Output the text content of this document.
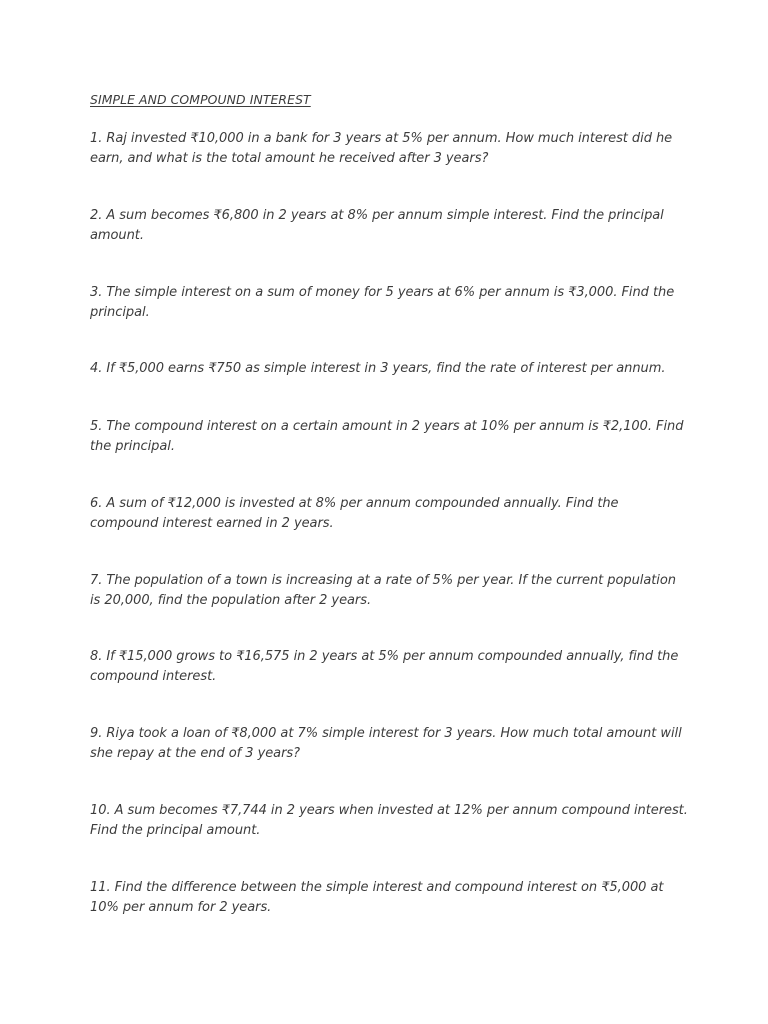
SIMPLE AND COMPOUND INTEREST

1. Raj invested ₹10,000 in a bank for 3 years at 5% per annum. How much interest did he earn, and what is the total amount he received after 3 years?

2. A sum becomes ₹6,800 in 2 years at 8% per annum simple interest. Find the principal amount.

3. The simple interest on a sum of money for 5 years at 6% per annum is ₹3,000. Find the principal.

4. If ₹5,000 earns ₹750 as simple interest in 3 years, find the rate of interest per annum.

5. The compound interest on a certain amount in 2 years at 10% per annum is ₹2,100. Find the principal.

6. A sum of ₹12,000 is invested at 8% per annum compounded annually. Find the compound interest earned in 2 years.

7. The population of a town is increasing at a rate of 5% per year. If the current population is 20,000, find the population after 2 years.

8. If ₹15,000 grows to ₹16,575 in 2 years at 5% per annum compounded annually, find the compound interest.

9. Riya took a loan of ₹8,000 at 7% simple interest for 3 years. How much total amount will she repay at the end of 3 years?

10. A sum becomes ₹7,744 in 2 years when invested at 12% per annum compound interest. Find the principal amount.

11. Find the difference between the simple interest and compound interest on ₹5,000 at 10% per annum for 2 years.
